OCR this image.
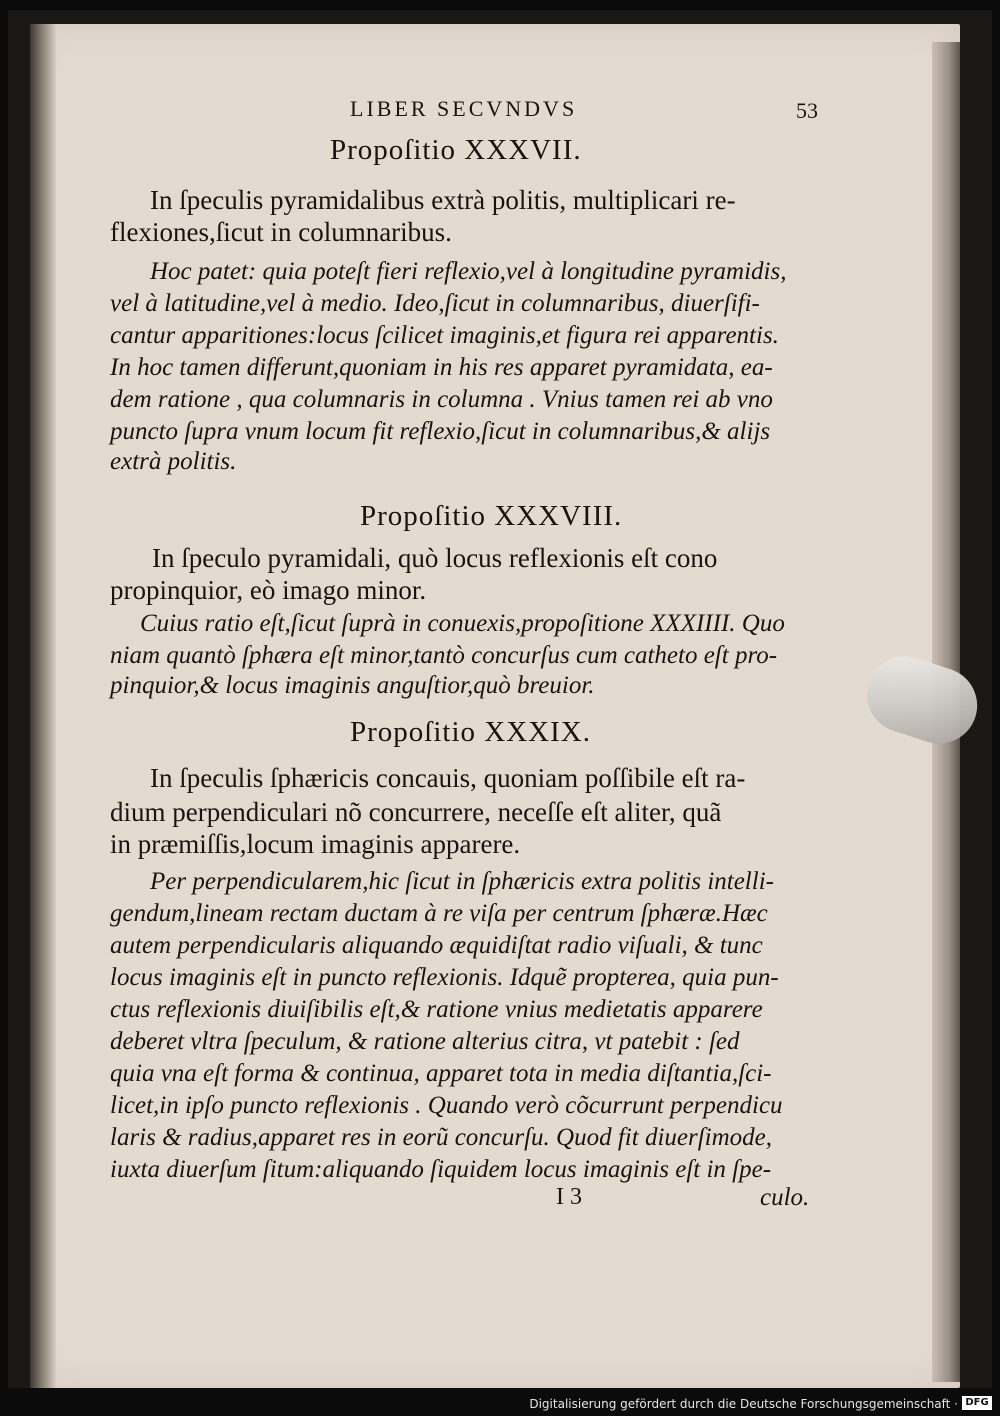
LIBER SECVNDVS	53
Propoſitio XXXVII.
In ſpeculis pyramidalibus extrà politis, multiplicari re-
flexiones,ſicut in columnaribus.
Hoc patet: quia poteſt fieri reflexio,vel à longitudine pyramidis,
vel à latitudine,vel à medio. Ideo,ſicut in columnaribus, diuerſifi-
cantur apparitiones:locus ſcilicet imaginis,et figura rei apparentis.
In hoc tamen differunt,quoniam in his res apparet pyramidata, ea-
dem ratione , qua columnaris in columna . Vnius tamen rei ab vno
puncto ſupra vnum locum fit reflexio,ſicut in columnaribus,& alijs
extrà politis.
Propoſitio XXXVIII.
In ſpeculo pyramidali, quò locus reflexionis eſt cono
propinquior, eò imago minor.
Cuius ratio eſt,ſicut ſuprà in conuexis,propoſitione XXXIIII. Quo
niam quantò ſphæra eſt minor,tantò concurſus cum catheto eſt pro-
pinquior,& locus imaginis anguſtior,quò breuior.
Propoſitio XXXIX.
In ſpeculis ſphæricis concauis, quoniam poſſibile eſt ra-
dium perpendiculari nõ concurrere, neceſſe eſt aliter, quã
in præmiſſis,locum imaginis apparere.
Per perpendicularem,hic ſicut in ſphæricis extra politis intelli-
gendum,lineam rectam ductam à re viſa per centrum ſphæræ.Hæc
autem perpendicularis aliquando æquidiſtat radio viſuali, & tunc
locus imaginis eſt in puncto reflexionis. Idquẽ propterea, quia pun-
ctus reflexionis diuiſibilis eſt,& ratione vnius medietatis apparere
deberet vltra ſpeculum, & ratione alterius citra, vt patebit : ſed
quia vna eſt forma & continua, apparet tota in media diſtantia,ſci-
licet,in ipſo puncto reflexionis . Quando verò cõcurrunt perpendicu
laris & radius,apparet res in eorũ concurſu. Quod fit diuerſimode,
iuxta diuerſum ſitum:aliquando ſiquidem locus imaginis eſt in ſpe-
I 3	culo.
Digitalisierung gefördert durch die Deutsche Forschungsgemeinschaft · DFG
